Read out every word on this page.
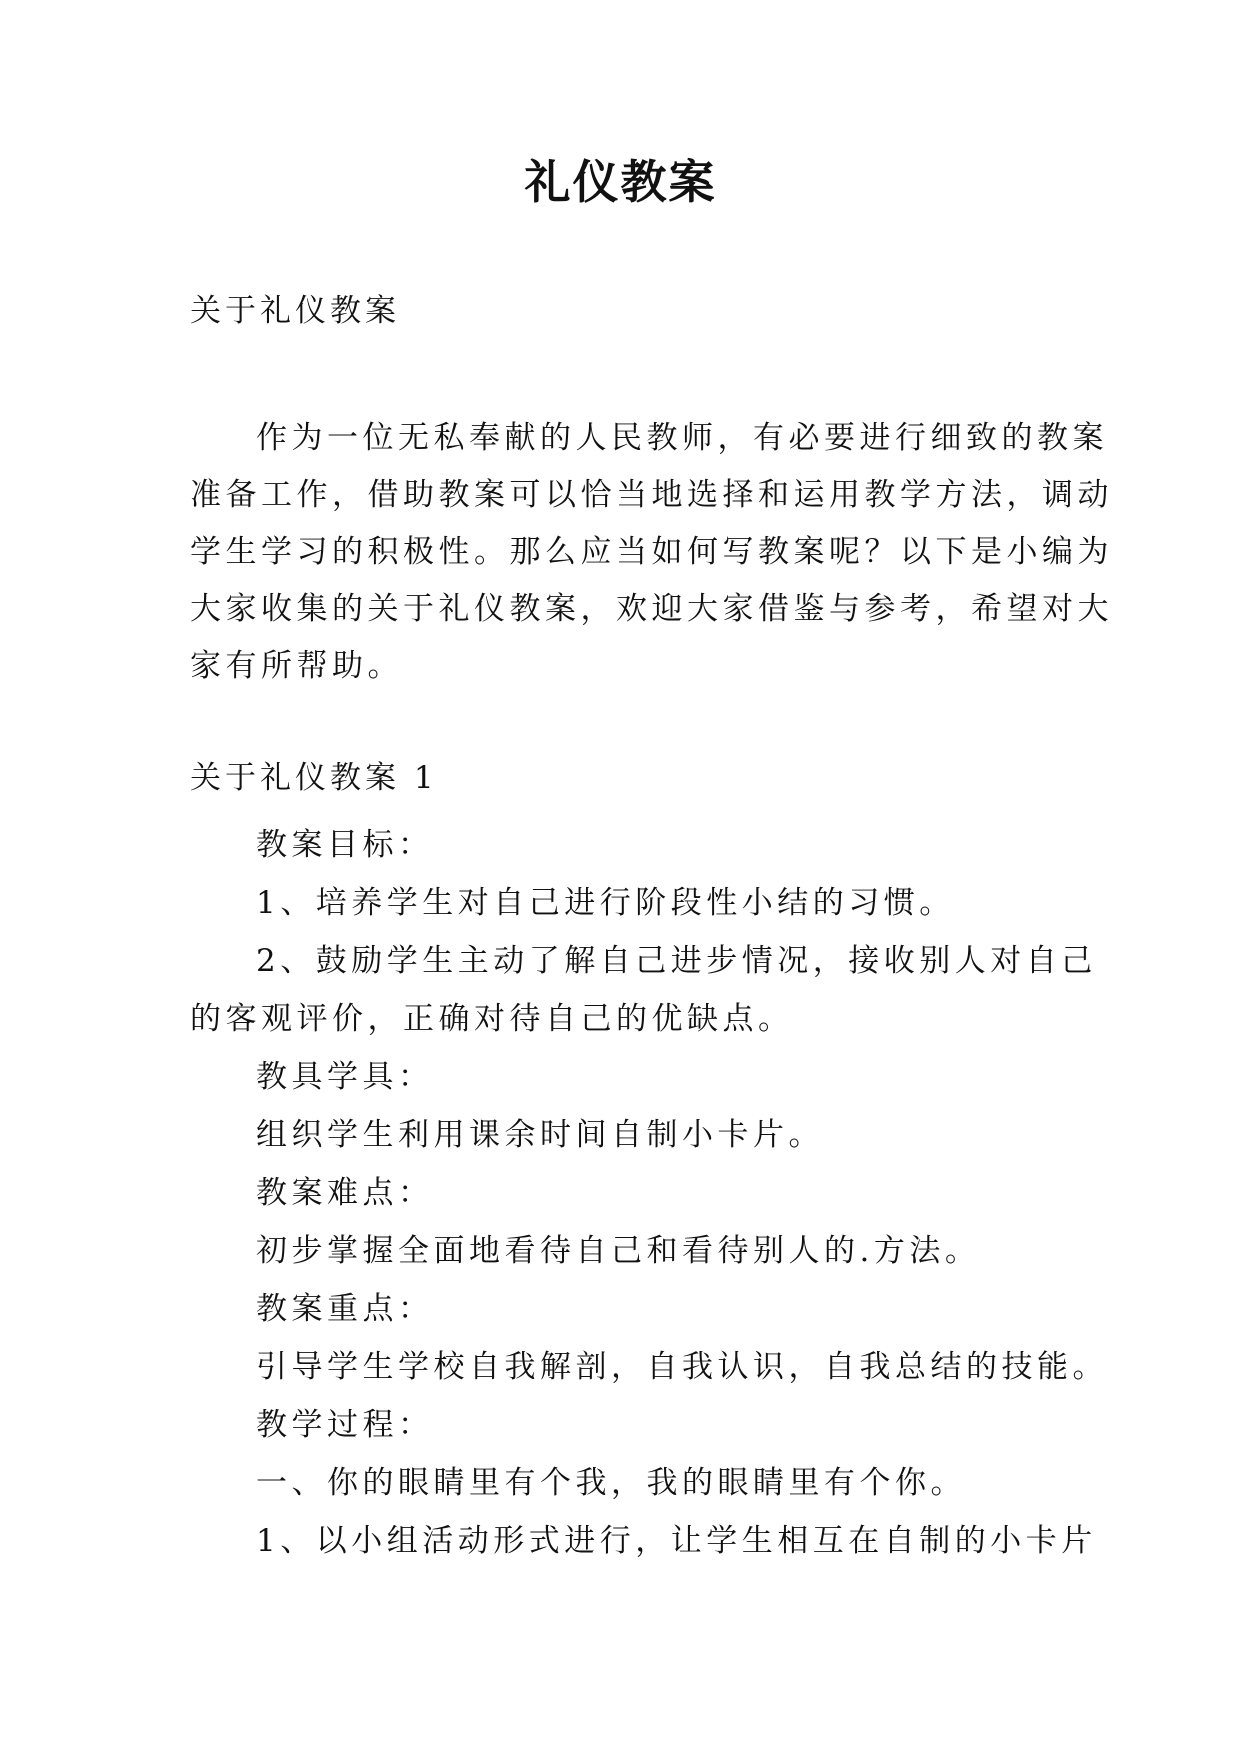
礼仪教案
关于礼仪教案

作为一位无私奉献的人民教师，有必要进行细致的教案
准备工作，借助教案可以恰当地选择和运用教学方法，调动
学生学习的积极性。那么应当如何写教案呢？以下是小编为
大家收集的关于礼仪教案，欢迎大家借鉴与参考，希望对大
家有所帮助。

关于礼仪教案 1
教案目标：
1、培养学生对自己进行阶段性小结的习惯。
2、鼓励学生主动了解自己进步情况，接收别人对自己
的客观评价，正确对待自己的优缺点。
教具学具：
组织学生利用课余时间自制小卡片。
教案难点：
初步掌握全面地看待自己和看待别人的.方法。
教案重点：
引导学生学校自我解剖，自我认识，自我总结的技能。
教学过程：
一、你的眼睛里有个我，我的眼睛里有个你。
1、以小组活动形式进行，让学生相互在自制的小卡片
